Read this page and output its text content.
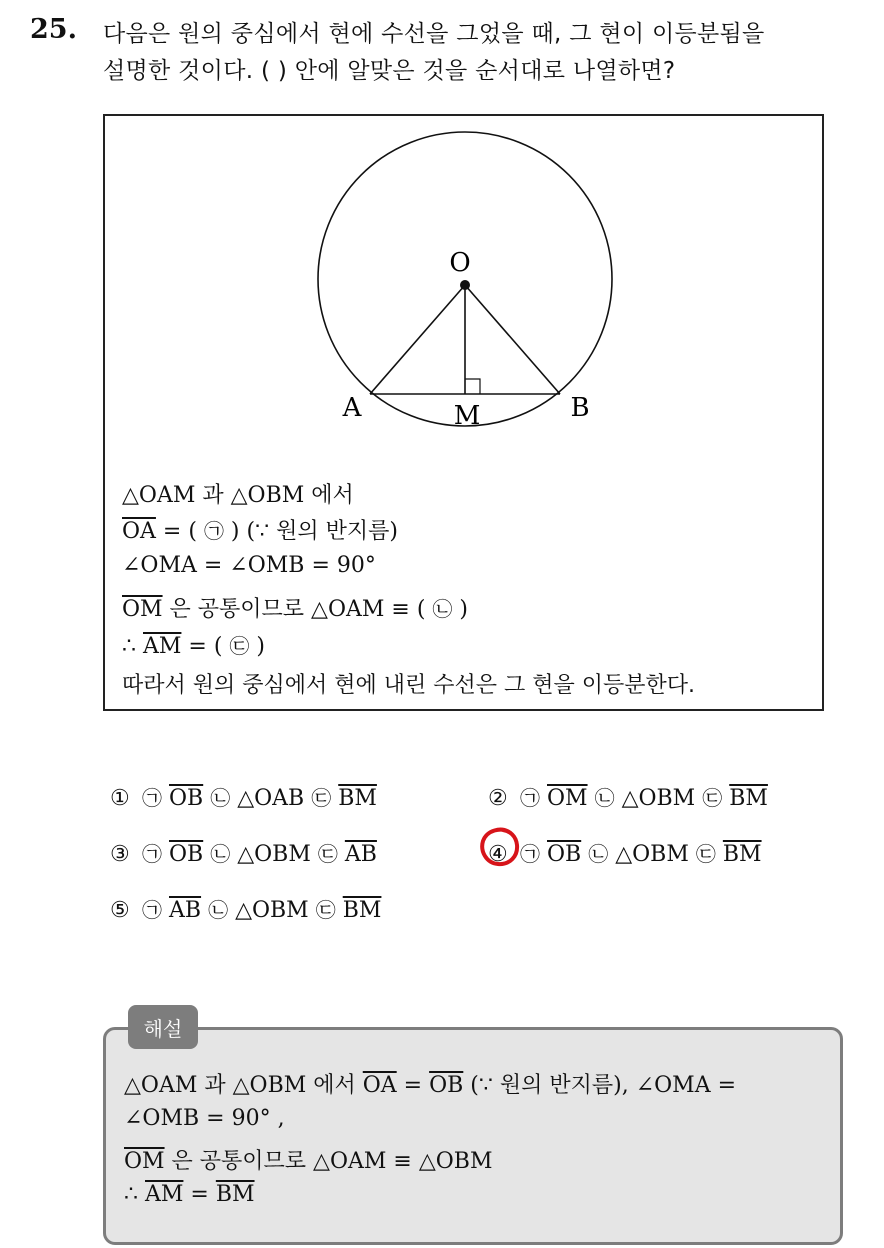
25. 다음은 원의 중심에서 현에 수선을 그었을 때, 그 현이 이등분됨을
설명한 것이다. ( ) 안에 알맞은 것을 순서대로 나열하면?
O
A	B
M
△OAM 과 △OBM 에서
$\overline{OA}$ = ( ㉠ ) (∵ 원의 반지름)
∠OMA = ∠OMB = 90°
$\overline{OM}$ 은 공통이므로 △OAM ≡ ( ㉡ )
∴ $\overline{AM}$ = ( ㉢ )
따라서 원의 중심에서 현에 내린 수선은 그 현을 이등분한다.
① ㉠ $\overline{OB}$ ㉡ △OAB ㉢ $\overline{BM}$	② ㉠ $\overline{OM}$ ㉡ △OBM ㉢ $\overline{BM}$
③ ㉠ $\overline{OB}$ ㉡ △OBM ㉢ $\overline{AB}$	④ ㉠ $\overline{OB}$ ㉡ △OBM ㉢ $\overline{BM}$
⑤ ㉠ $\overline{AB}$ ㉡ △OBM ㉢ $\overline{BM}$
해설
△OAM 과 △OBM 에서 $\overline{OA} = \overline{OB}$ (∵ 원의 반지름), ∠OMA =
∠OMB = 90° ,
$\overline{OM}$ 은 공통이므로 △OAM ≡ △OBM
∴ $\overline{AM} = \overline{BM}$
